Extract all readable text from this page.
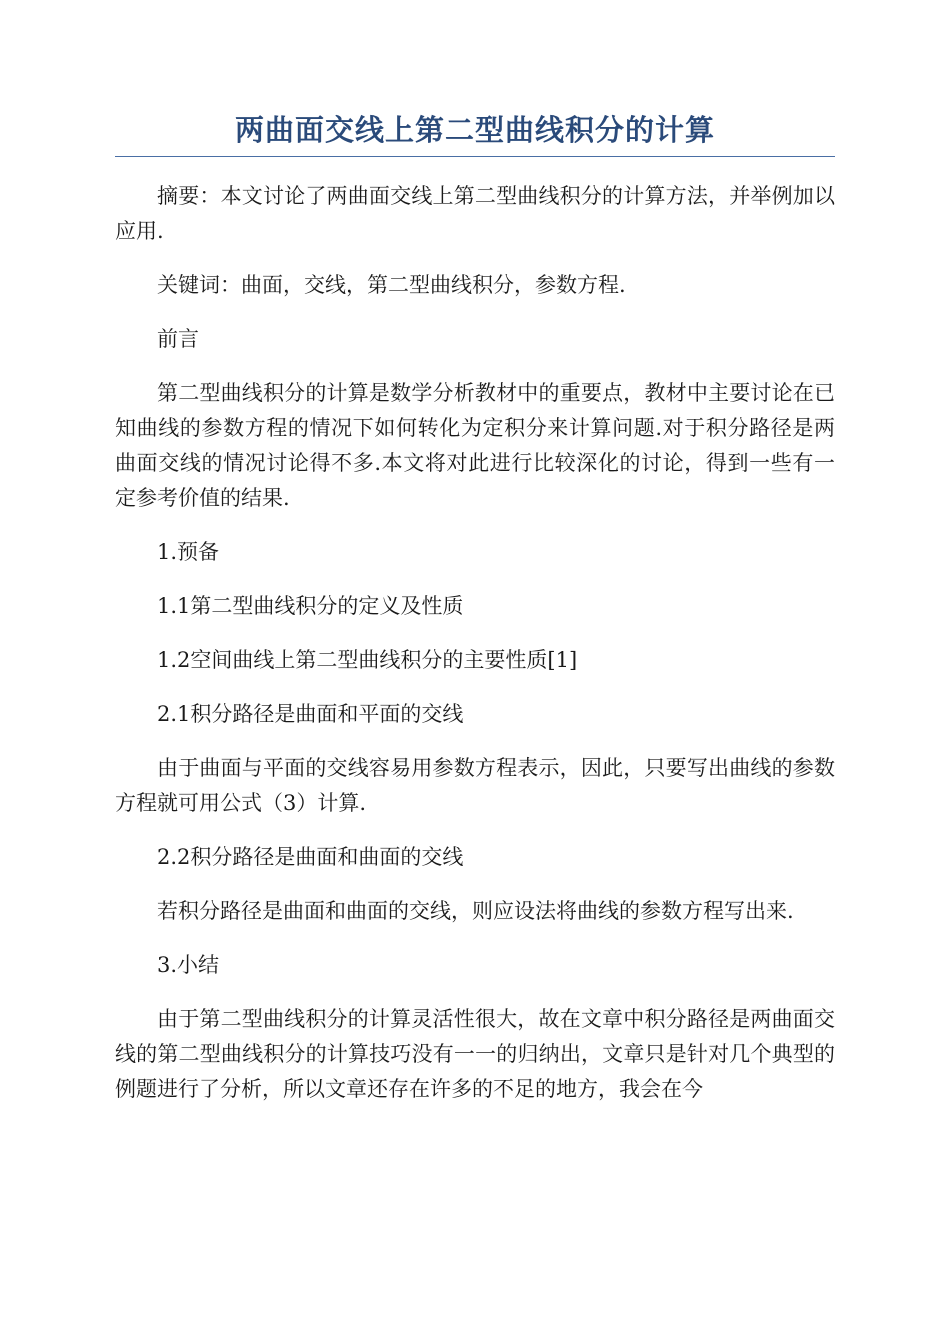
两曲面交线上第二型曲线积分的计算

摘要：本文讨论了两曲面交线上第二型曲线积分的计算方法，并举例加以应用.

关键词：曲面，交线，第二型曲线积分，参数方程.

前言

第二型曲线积分的计算是数学分析教材中的重要点，教材中主要讨论在已知曲线的参数方程的情况下如何转化为定积分来计算问题.对于积分路径是两曲面交线的情况讨论得不多.本文将对此进行比较深化的讨论，得到一些有一定参考价值的结果.

1.预备

1.1第二型曲线积分的定义及性质

1.2空间曲线上第二型曲线积分的主要性质[1]

2.1积分路径是曲面和平面的交线

由于曲面与平面的交线容易用参数方程表示，因此，只要写出曲线的参数方程就可用公式（3）计算.

2.2积分路径是曲面和曲面的交线

若积分路径是曲面和曲面的交线，则应设法将曲线的参数方程写出来.

3.小结

由于第二型曲线积分的计算灵活性很大，故在文章中积分路径是两曲面交线的第二型曲线积分的计算技巧没有一一的归纳出，文章只是针对几个典型的例题进行了分析，所以文章还存在许多的不足的地方，我会在今
